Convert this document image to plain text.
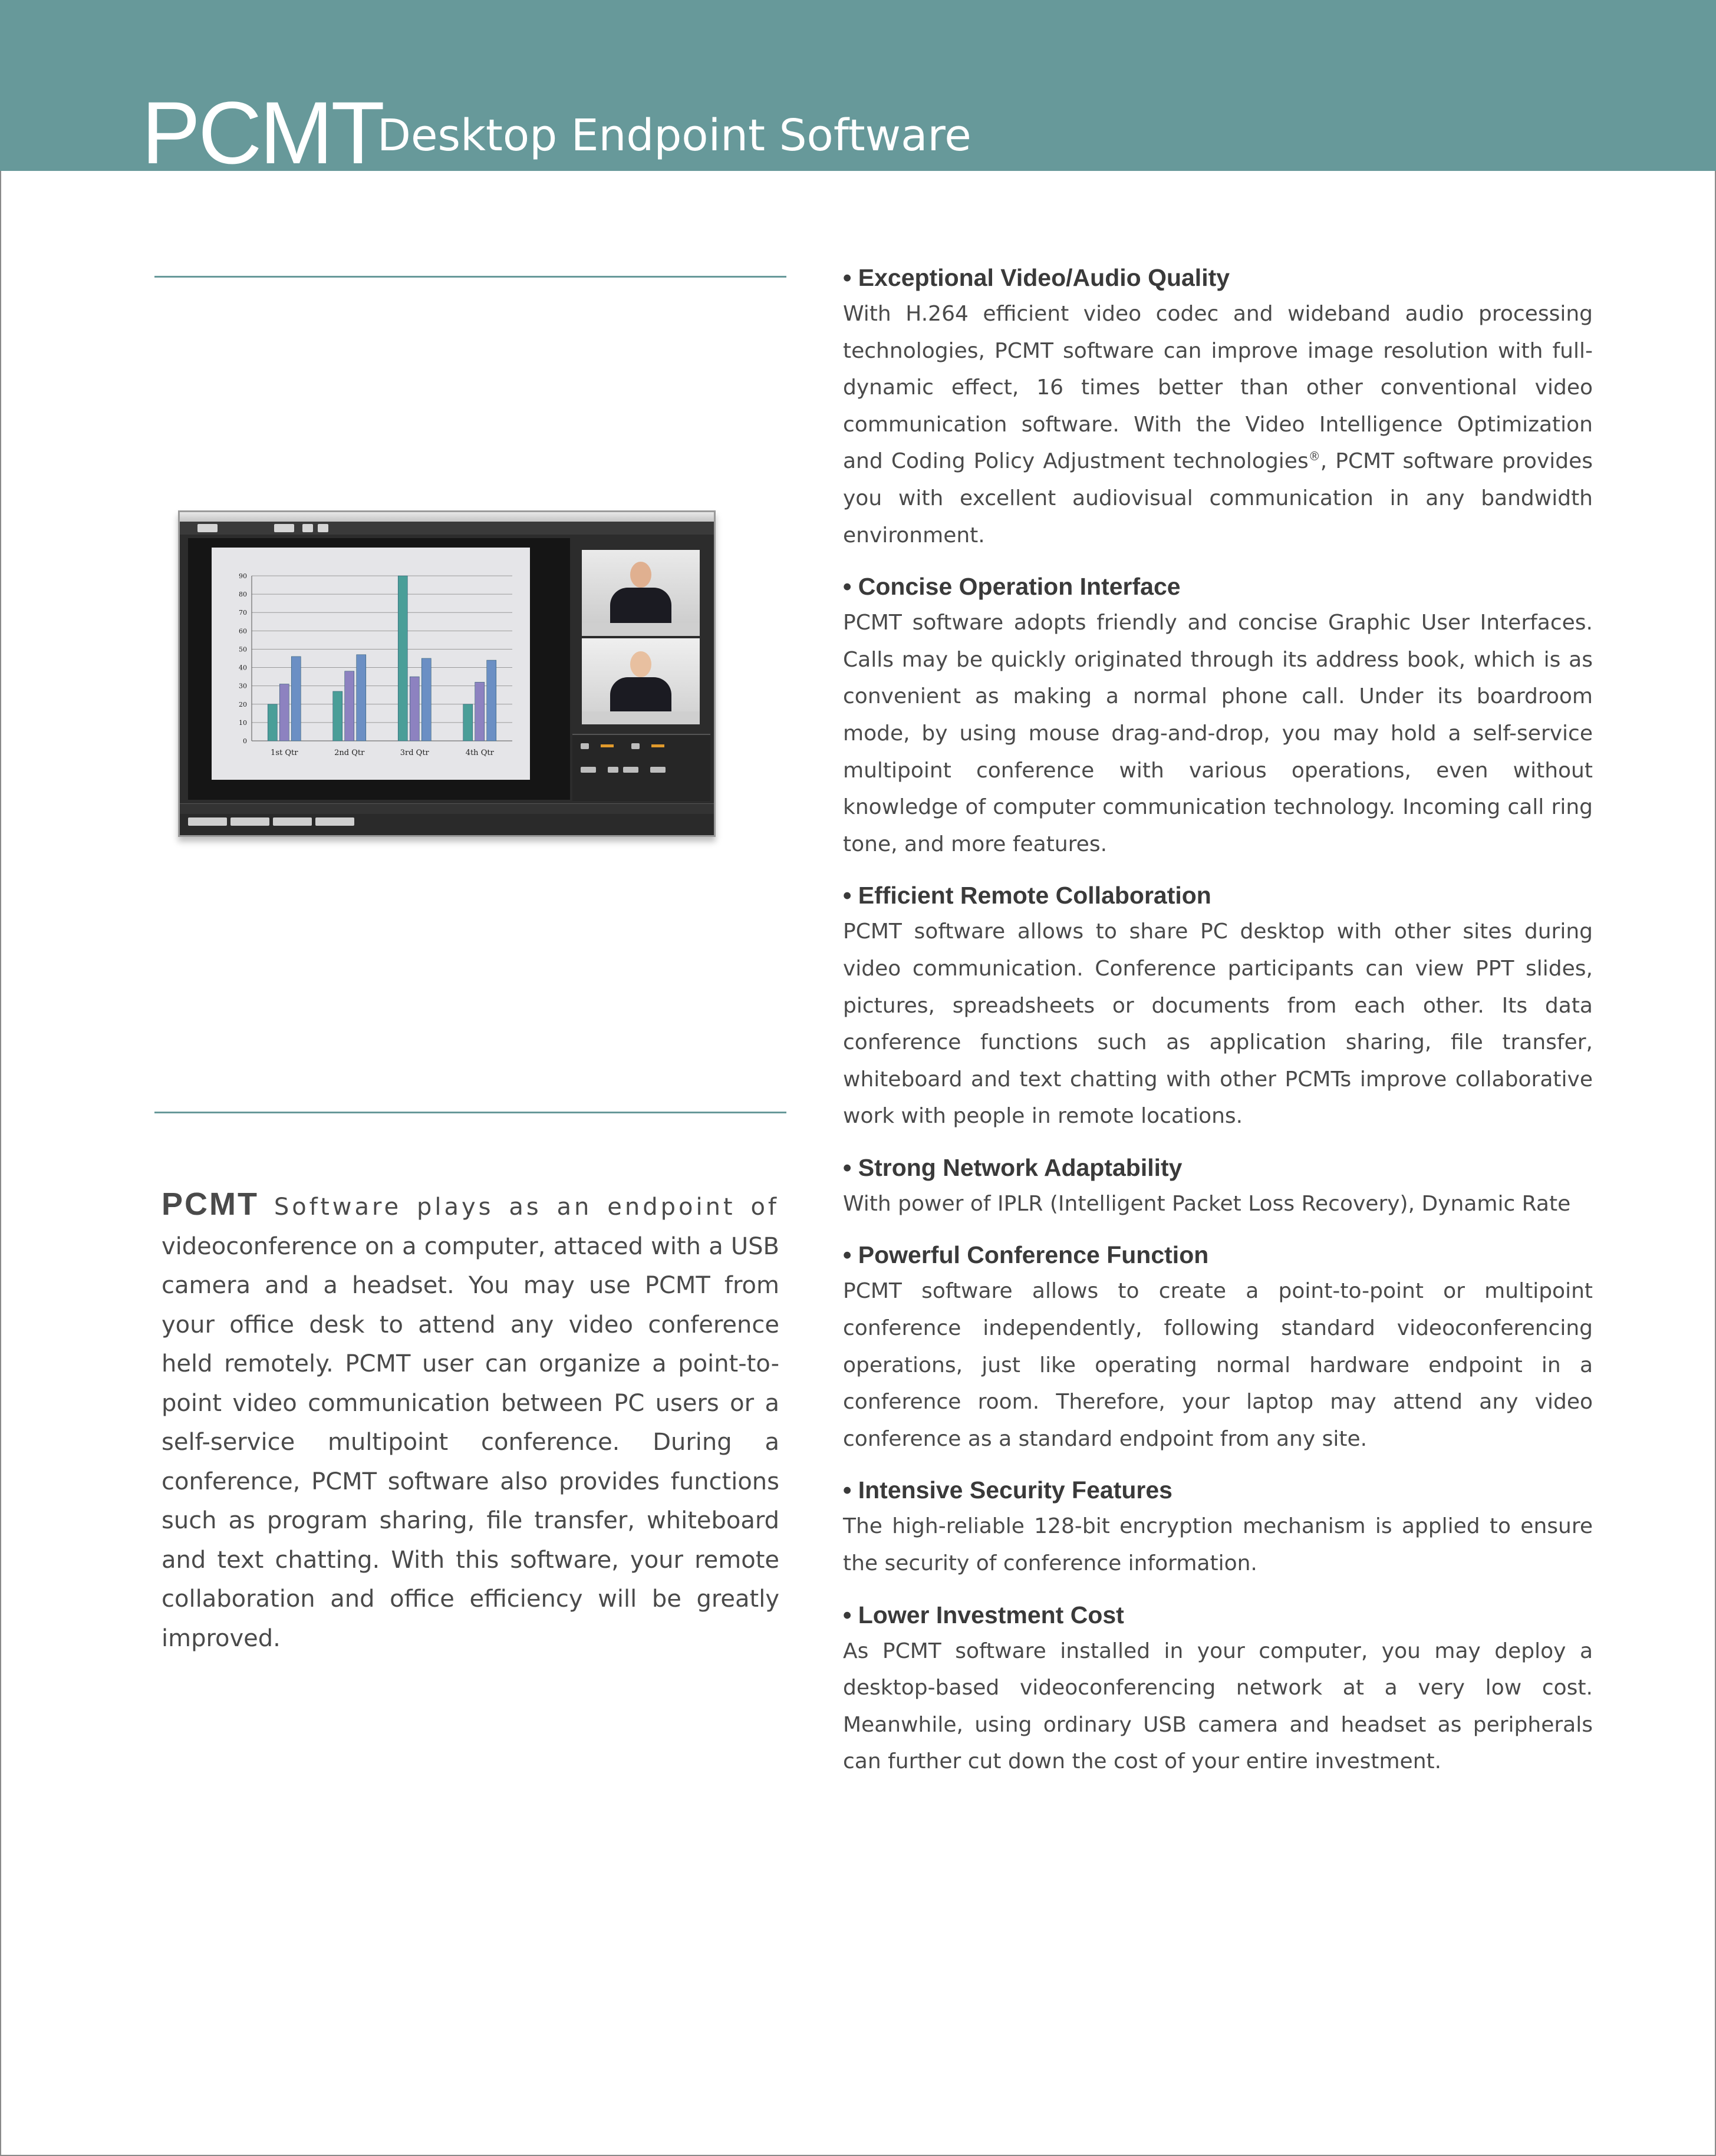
PCMT
Desktop Endpoint Software
0
10
20
30
40
50
60
70
80
90
1st Qtr	2nd Qtr	3rd Qtr	4th Qtr
PCMT Software plays as an endpoint of videoconference on a computer, attaced with a USB camera and a headset. You may use PCMT from your office desk to attend any video conference held remotely. PCMT user can organize a point-to-point video communication between PC users or a self-service multipoint conference. During a conference, PCMT software also provides functions such as program sharing, file transfer, whiteboard and text chatting. With this software, your remote collaboration and office efficiency will be greatly improved.

• Exceptional Video/Audio Quality

With H.264 efficient video codec and wideband audio processing technologies, PCMT software can improve image resolution with full-dynamic effect, 16 times better than other conventional video communication software. With the Video Intelligence Optimization and Coding Policy Adjustment technologies®, PCMT software provides you with excellent audiovisual communication in any bandwidth environment.

• Concise Operation Interface

PCMT software adopts friendly and concise Graphic User Interfaces. Calls may be quickly originated through its address book, which is as convenient as making a normal phone call. Under its boardroom mode, by using mouse drag-and-drop, you may hold a self-service multipoint conference with various operations, even without knowledge of computer communication technology. Incoming call ring tone, and more features.

• Efficient Remote Collaboration

PCMT software allows to share PC desktop with other sites during video communication. Conference participants can view PPT slides, pictures, spreadsheets or documents from each other. Its data conference functions such as application sharing, file transfer, whiteboard and text chatting with other PCMTs improve collaborative work with people in remote locations.

• Strong Network Adaptability

With power of IPLR (Intelligent Packet Loss Recovery), Dynamic Rate

• Powerful Conference Function

PCMT software allows to create a point-to-point or multipoint conference independently, following standard videoconferencing operations, just like operating normal hardware endpoint in a conference room. Therefore, your laptop may attend any video conference as a standard endpoint from any site.

• Intensive Security Features

The high-reliable 128-bit encryption mechanism is applied to ensure the security of conference information.

• Lower Investment Cost

As PCMT software installed in your computer, you may deploy a desktop-based videoconferencing network at a very low cost. Meanwhile, using ordinary USB camera and headset as peripherals can further cut down the cost of your entire investment.
